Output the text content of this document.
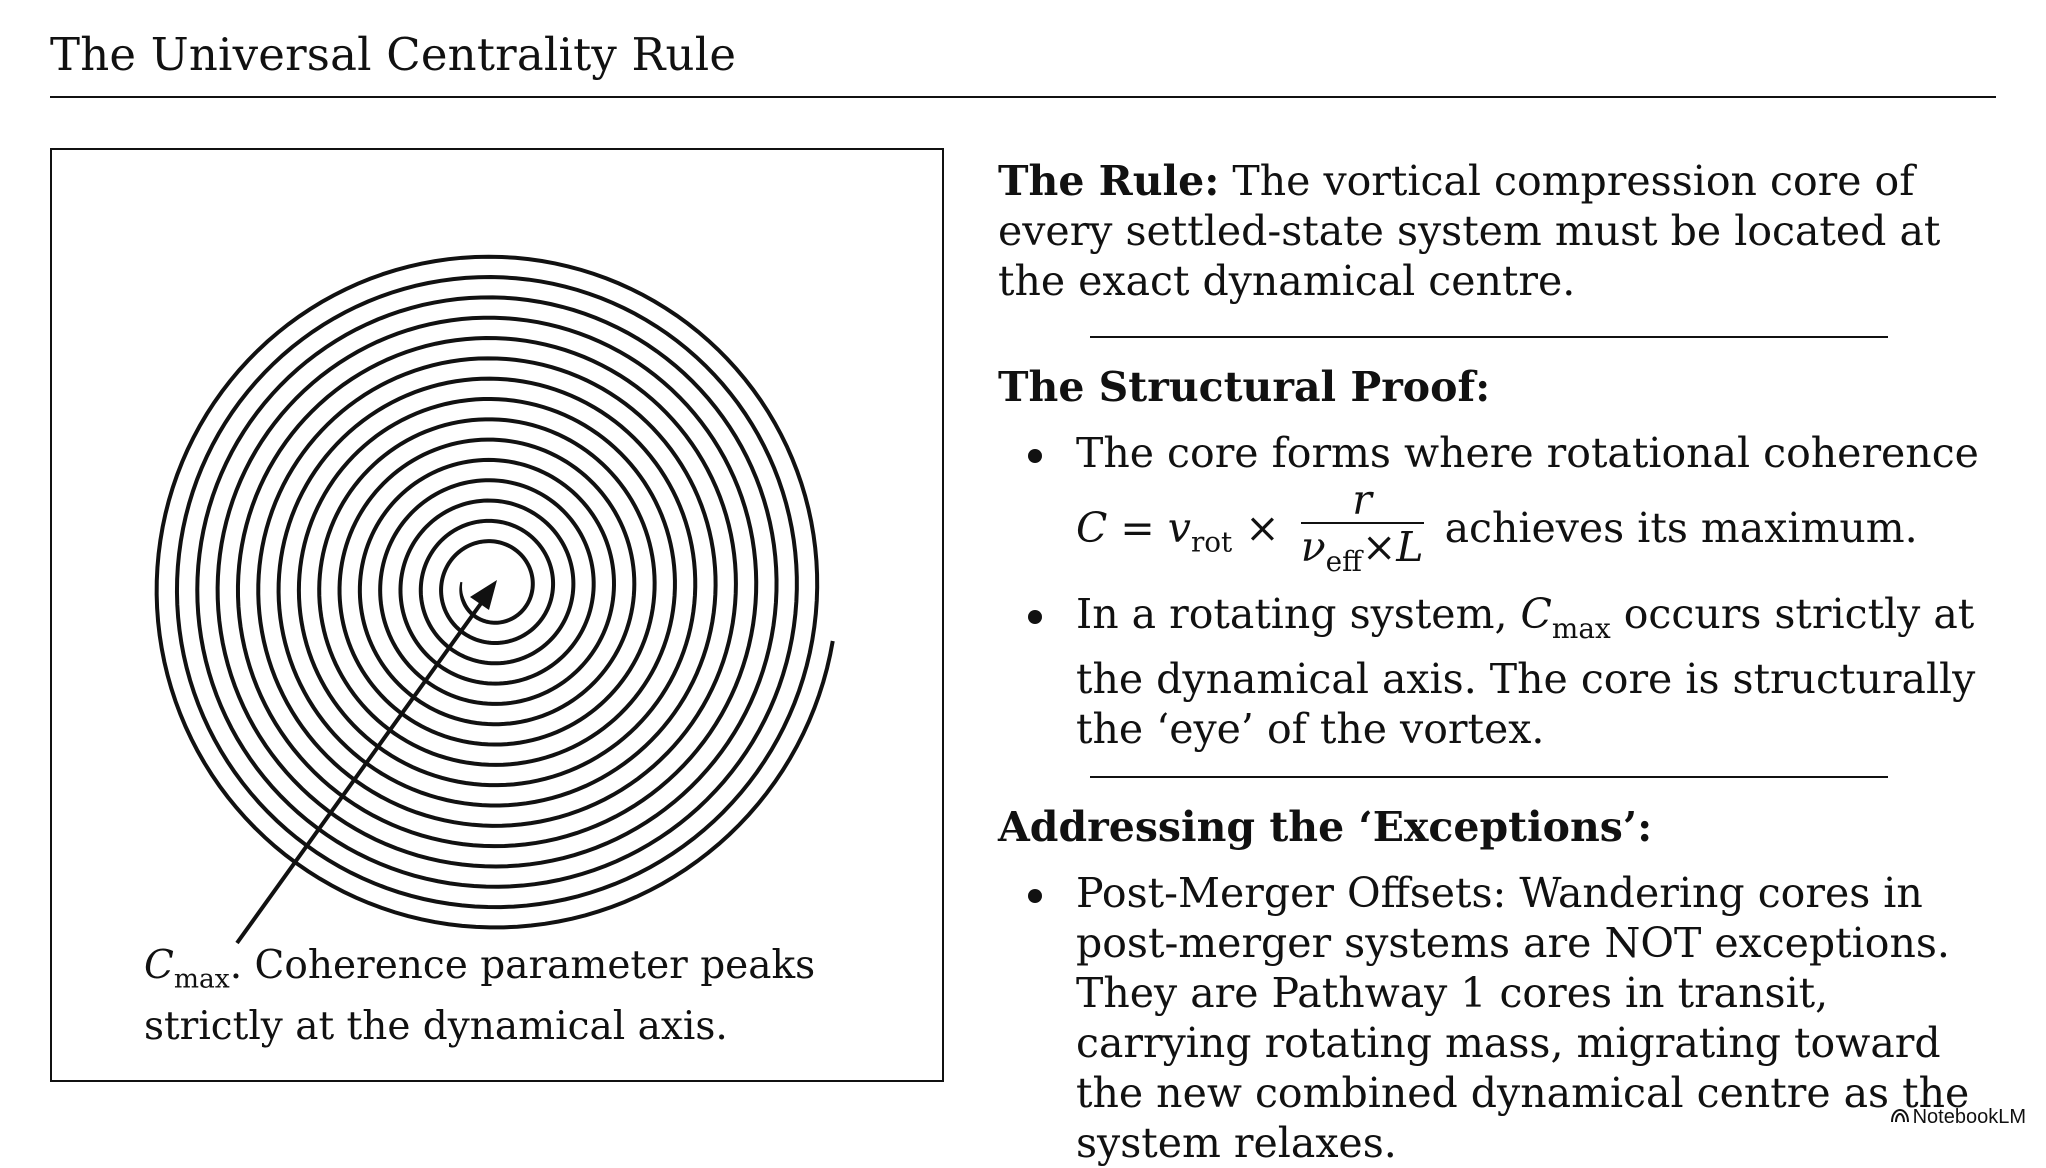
The Universal Centrality Rule
$C_{max}$. Coherence parameter peaks strictly at the dynamical axis.
The Rule: The vortical compression core of every settled-state system must be located at the exact dynamical centre.
The Structural Proof:
The core forms where rotational coherence
$C = v_{rot} \times \frac{r}{\nu_{eff}\times L}$ achieves its maximum.
In a rotating system, $C_{max}$ occurs strictly at the dynamical axis. The core is structurally the ‘eye’ of the vortex.
Addressing the ‘Exceptions’:
Post-Merger Offsets: Wandering cores in post-merger systems are NOT exceptions. They are Pathway 1 cores in transit, carrying rotating mass, migrating toward the new combined dynamical centre as the system relaxes.
NotebookLM
